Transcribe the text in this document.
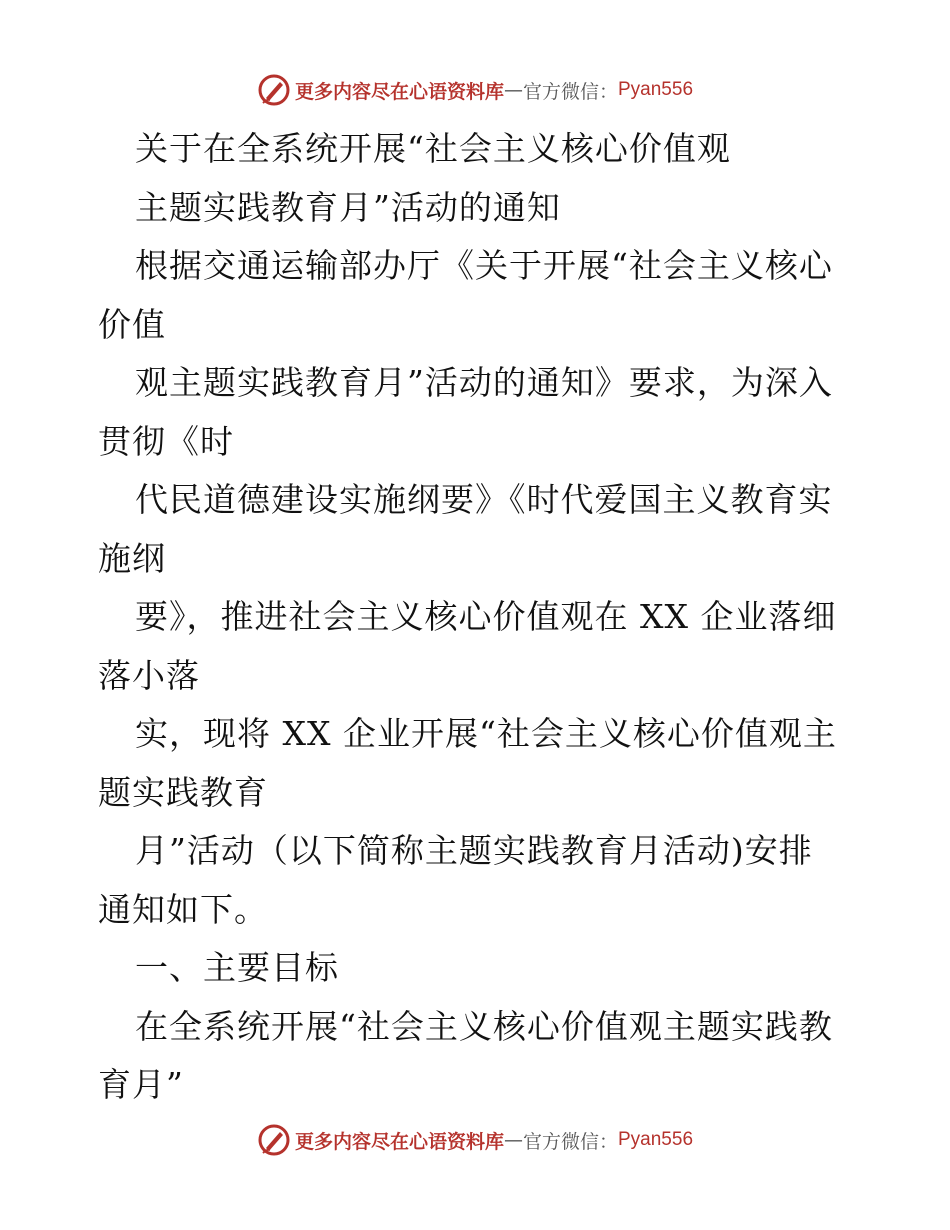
更多内容尽在心语资料库 — 官方微信： Pyan556
关于在全系统开展“社会主义核心价值观
主题实践教育月”活动的通知
根据交通运输部办厅《关于开展“社会主义核心
价值
观主题实践教育月”活动的通知》要求，为深入
贯彻《时
代民道德建设实施纲要》《时代爱国主义教育实
施纲
要》，推进社会主义核心价值观在 XX 企业落细
落小落
实，现将 XX 企业开展“社会主义核心价值观主
题实践教育
月”活动（以下简称主题实践教育月活动)安排
通知如下。
一、主要目标
在全系统开展“社会主义核心价值观主题实践教
育月”
更多内容尽在心语资料库 — 官方微信： Pyan556
